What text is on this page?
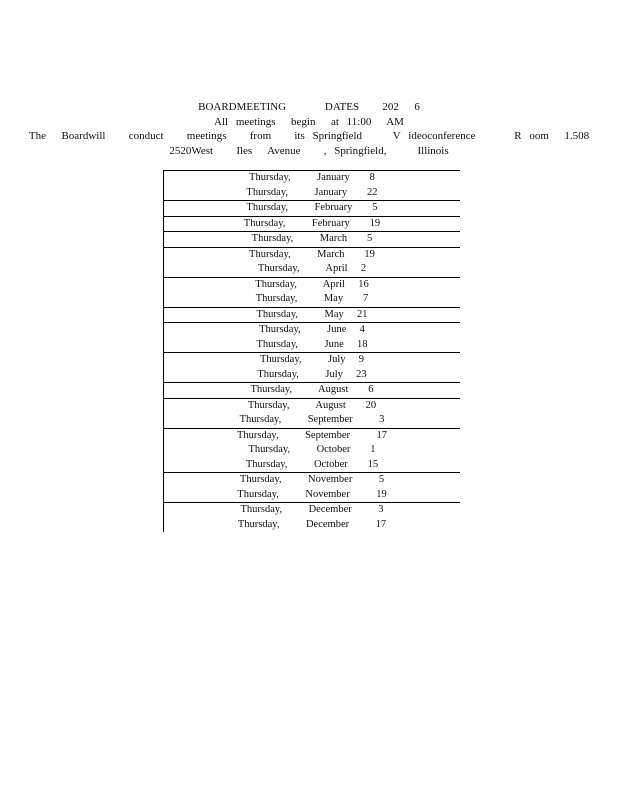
BOARDMEETING     DATES   202  6
All meetings  begin  at 11:00  AM
The  Boardwill   conduct   meetings   from   its Springfield    V ideoconference     R oom  1.508
2520West   Iles  Avenue   , Springfield,    Illinois
Thursday,    January   8
Thursday,    January   22
Thursday,    February   5
Thursday,    February   19
Thursday,    March   5
Thursday,    March   19
Thursday,    April  2
Thursday,    April  16
Thursday,    May   7
Thursday,    May  21
Thursday,    June  4
Thursday,    June  18
Thursday,    July  9
Thursday,    July  23
Thursday,    August   6
Thursday,    August   20
Thursday,    September    3
Thursday,    September    17
Thursday,    October   1
Thursday,    October   15
Thursday,    November    5
Thursday,    November    19
Thursday,    December    3
Thursday,    December    17
